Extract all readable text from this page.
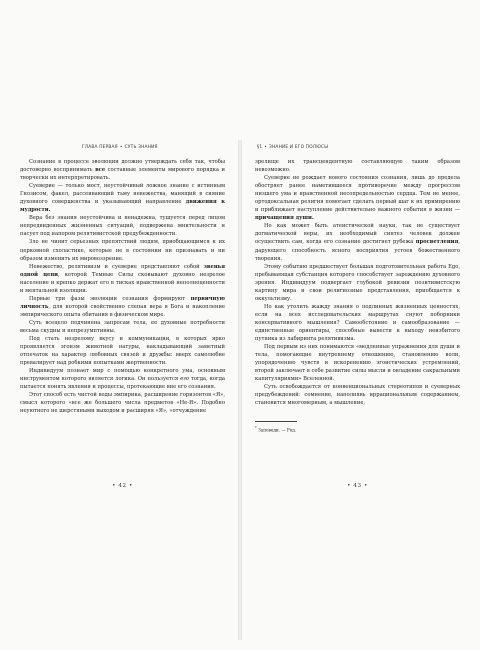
ГЛАВА ПЕРВАЯ • СУТЬ ЗНАНИЯ

Сознание в процессе эволюции должно утверждать себя так, чтобы достоверно воспринимать все составные элементы мирового порядка и творчески их интерпретировать.

Суеверие — только мост, неустойчивый ложное знание с истинным Гнозисом, факел, рассеивающий тьму невежества, манящий в сияние духовного совершенства и указывающий направление движения к мудрости.

Вера без знания неустойчива и ненадежна, тушуется перед лицом непредвиденных жизненных ситуаций, подвержена мнительности и пасует под напором релятивистской предубежденности.

Зло не чинит серьезных препятствий людям, приобщающимся к их церковной схоластике, которые не в состоянии ни признавать и ни образом изменить их мировоззрение.

Невежество, релятивизм и суеверие представляют собой звенья одной цепи, которой Темные Силы сковывают духовно незрелое население и крепко держат его в тисках нравственной неполноценности и ментальной изоляции.

Первые три фазы эволюции сознания формируют первичную личность, для которой свойственно слепая вера в Бога и накопление эмпирического опыта обитания в физическом мире.

Суть всецело подчинена запросам тела, ее духовные потребности весьма скудны и непрезумптивны.

Под стать незрелому вкусу и коммуникации, в которых ярко проявляется эгоизм животной натуры, накладывающий заметный отпечаток на характер любовных связей и дружбы: вверх самолюбие превалирует над робкими попытками жертвенности.

Индивидуум познает мир с помощью конкретного ума, основным инструментом которого является логика. Он пользуется его тогда, когда пытается понять явления и процессы, протекающие вне его сознания.

Этот способ есть чистой воды эмпирика, расширение горизонтов «Я», смысл которого «все же большего числа предметов «Не-Я». Подобно неуютного не шерстяными выходом и расширяя «Я», «отчуждение

• 42 •
§1 • ЗНАНИЕ И ЕГО ПОЛЮСЫ

зрелище их трансцендентную составляющую таким образом невозможно.

Суеверие не рождает нового состояния сознания, лишь до предела обостряет ранее наметившееся противоречие между прогрессом низшего ума и нравственной несопредельностью сердца. Тем не менее, ортодоксальная религия помогает сделать первый шаг к их примирению и приближает наступление действительно важного события в жизни — причащения души.

Но как может быть атеистической науки, так не существует догматической веры, их необходимый синтез человек должен осуществить сам, когда его сознание достигнет рубежа просветления, дарующего способность ясного восприятия устоев божественного творения.

Этому событию предшествует большая подготовительная работа Ego, пребывающая субстанция которого способствует зарождению духовного зрения. Индивидуум подвергает глубокой ревизии позитивистскую картину мира и свои религиозные представления, приобщается к оккультизму.

Но как утолить жажду знания о подлинных жизненных ценностях, если на всех исследовательских маршрутах снуют поборники консервативного мышления? Самообстояние и самообразование — единственные ориентиры, способные вывести к выходу неизбитого путника из лабиринта релятивизма.

Под первым из них понимаются «медленные упражнения для души и тела, помогающие внутреннему отношению, становлению воли, упорядочению чувств и искоренению эгоистических устремлений, второй заключает в себе развитие силы мысли и овладение сакральными капитуляриями» Вселенной.

Суть освобождается от конвенциональных стереотипов и суеверных предубеждений: сомнение, наполнявь иррациональным содержанием, становится многомерным, а мышление,

* Заповеди. — Ред.
• 43 •
